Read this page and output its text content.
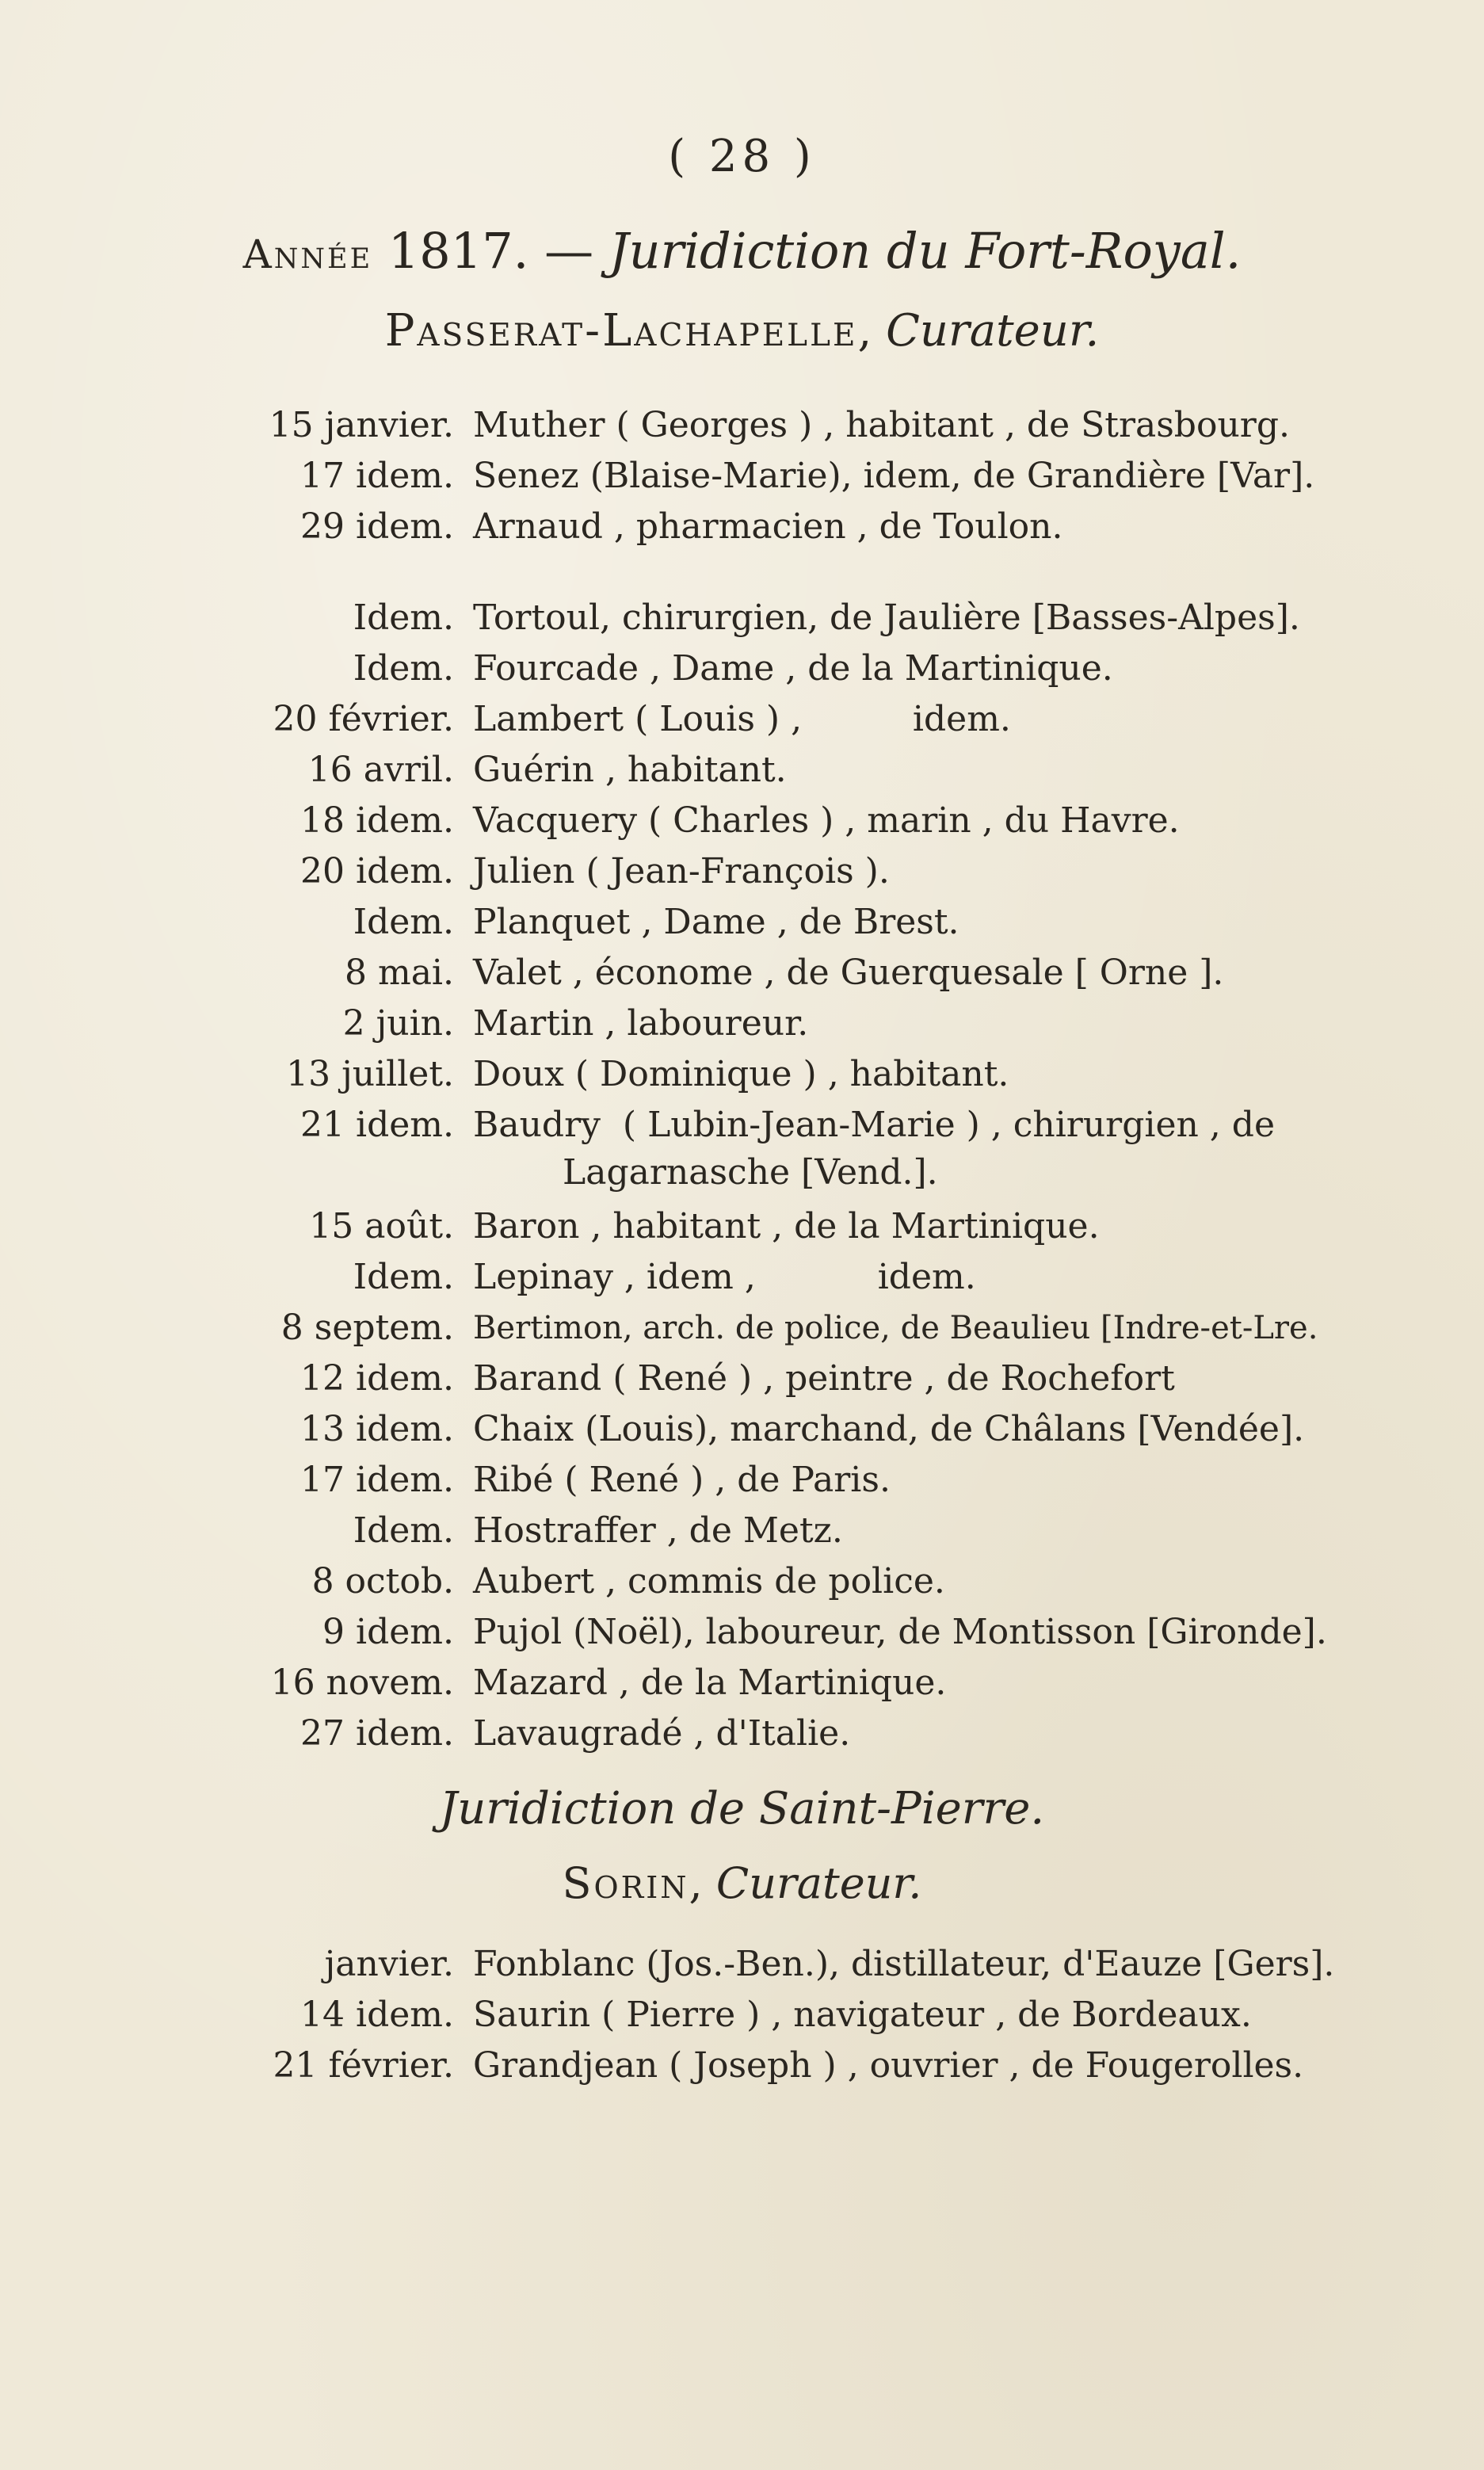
( 28 )
Année 1817. — Juridiction du Fort-Royal.
Passerat-Lachapelle, Curateur.
15 janvier. Muther ( Georges ) , habitant , de Strasbourg.
17 idem. Senez (Blaise-Marie), idem, de Grandière [Var].
29 idem. Arnaud , pharmacien , de Toulon.
Idem. Tortoul, chirurgien, de Jaulière [Basses-Alpes].
Idem. Fourcade , Dame , de la Martinique.
20 février. Lambert ( Louis ) ,          idem.
16 avril. Guérin , habitant.
18 idem. Vacquery ( Charles ) , marin , du Havre.
20 idem. Julien ( Jean-François ).
Idem. Planquet , Dame , de Brest.
8 mai. Valet , économe , de Guerquesale [ Orne ].
2 juin. Martin , laboureur.
13 juillet. Doux ( Dominique ) , habitant.
21 idem. Baudry  ( Lubin-Jean-Marie ) , chirurgien , de
Lagarnasche [Vend.].
15 août. Baron , habitant , de la Martinique.
Idem. Lepinay , idem ,           idem.
8 septem. Bertimon, arch. de police, de Beaulieu [Indre-et-Lre.
12 idem. Barand ( René ) , peintre , de Rochefort
13 idem. Chaix (Louis), marchand, de Châlans [Vendée].
17 idem. Ribé ( René ) , de Paris.
Idem. Hostraffer , de Metz.
8 octob. Aubert , commis de police.
9 idem. Pujol (Noël), laboureur, de Montisson [Gironde].
16 novem. Mazard , de la Martinique.
27 idem. Lavaugradé , d'Italie.
Juridiction de Saint-Pierre.
Sorin, Curateur.
janvier. Fonblanc (Jos.-Ben.), distillateur, d'Eauze [Gers].
14 idem. Saurin ( Pierre ) , navigateur , de Bordeaux.
21 février. Grandjean ( Joseph ) , ouvrier , de Fougerolles.
